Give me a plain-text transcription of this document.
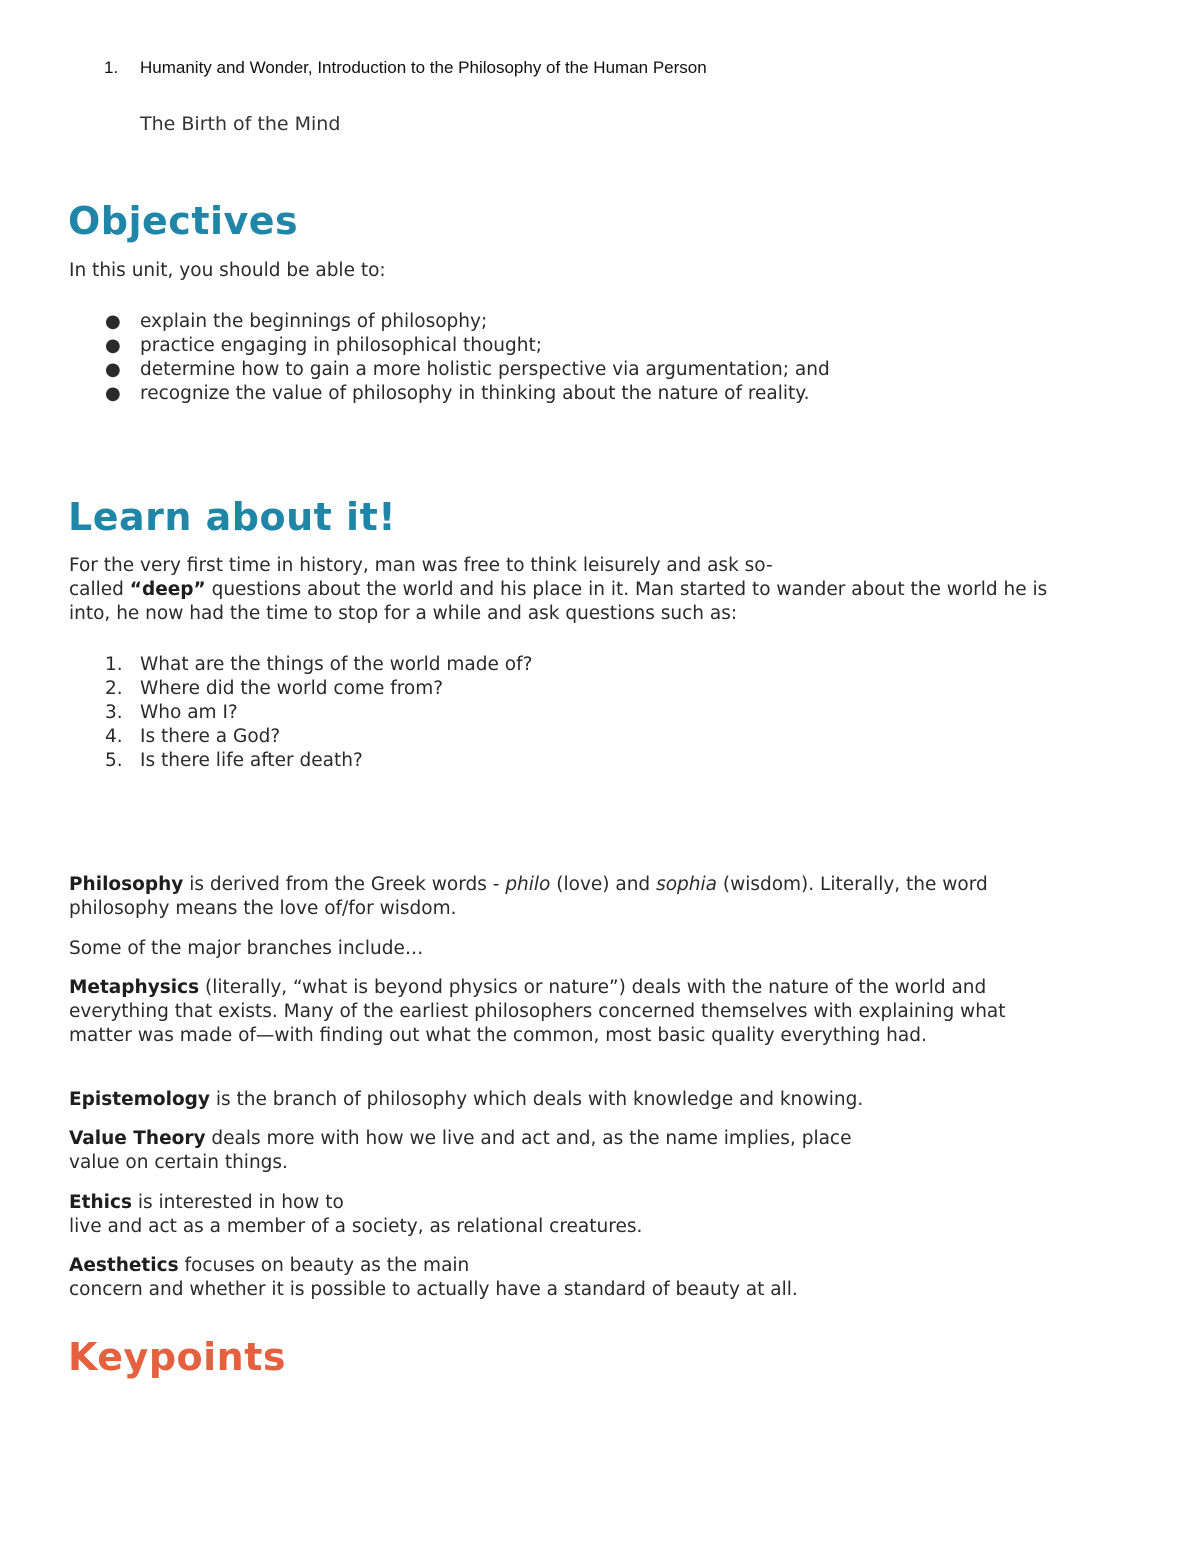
1. Humanity and Wonder, Introduction to the Philosophy of the Human Person
The Birth of the Mind
Objectives

In this unit, you should be able to:

● explain the beginnings of philosophy;
● practice engaging in philosophical thought;
● determine how to gain a more holistic perspective via argumentation; and
● recognize the value of philosophy in thinking about the nature of reality.
Learn about it!

For the very first time in history, man was free to think leisurely and ask so-
called “deep” questions about the world and his place in it. Man started to wander about the world he is into, he now had the time to stop for a while and ask questions such as:

1. What are the things of the world made of?
2. Where did the world come from?
3. Who am I?
4. Is there a God?
5. Is there life after death?

Philosophy is derived from the Greek words - philo (love) and sophia (wisdom). Literally, the word philosophy means the love of/for wisdom.

Some of the major branches include…

Metaphysics (literally, “what is beyond physics or nature”) deals with the nature of the world and everything that exists. Many of the earliest philosophers concerned themselves with explaining what matter was made of—with finding out what the common, most basic quality everything had.

Epistemology is the branch of philosophy which deals with knowledge and knowing.

Value Theory deals more with how we live and act and, as the name implies, place
value on certain things.

Ethics is interested in how to
live and act as a member of a society, as relational creatures.

Aesthetics focuses on beauty as the main
concern and whether it is possible to actually have a standard of beauty at all.

Keypoints
